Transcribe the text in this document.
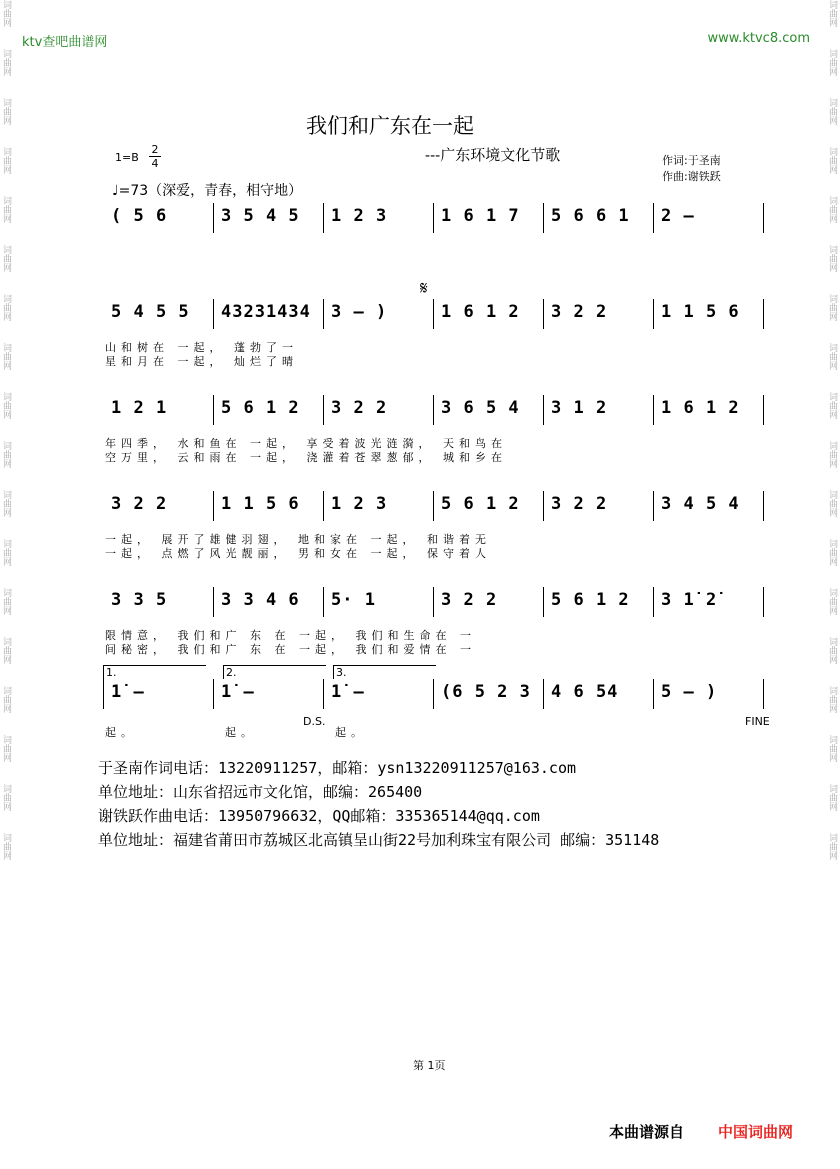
词曲网
词曲网
词曲网
词曲网
词曲网
词曲网
词曲网
词曲网
词曲网
词曲网
词曲网
词曲网
词曲网
词曲网
词曲网
词曲网
词曲网
词曲网
词曲网
词曲网
词曲网
词曲网
词曲网
词曲网
词曲网
词曲网
词曲网
词曲网
词曲网
词曲网
词曲网
词曲网
词曲网
词曲网
词曲网
词曲网
ktv查吧曲谱网	www.ktvc8.com
我们和广东在一起
---广东环境文化节歌
1=B
2
4
♩=73（深爱，青春，相守地）
作词:于圣南
作曲:谢铁跃
𝄋
( 5 6	3 5 4 5 1 2 3	1 6 1 7 5 6 6 1 2 –
5 4 5 5 43231434 3 – )	1 6 1 2 3 2 2	1 1 5 6
山和树在 一起， 蓬勃了一
星和月在 一起， 灿烂了晴
1 2 1	5 6 1 2 3 2 2	3 6 5 4 3 1 2	1 6 1 2
年四季， 水和鱼在 一起， 享受着波光涟漪， 天和鸟在
空万里， 云和雨在 一起， 浇灌着苍翠葱郁， 城和乡在
3 2 2	1 1 5 6 1 2 3	5 6 1 2 3 2 2	3 4 5 4
一起， 展开了雄健羽翅， 地和家在 一起， 和谐着无
一起， 点燃了风光靓丽， 男和女在 一起， 保守着人
3 3 5	3 3 4 6 5· 1	3 2 2	5 6 1 2 3 1̇ 2̇
限情意， 我们和广 东 在 一起， 我们和生命在 一
间秘密， 我们和广 东 在 一起， 我们和爱情在 一
1̇ –	1̇ –	1̇ –	(6 5 2 3 4 6 54	5 – )
1.	2.	3.
起。	起。	起。
D.S.	FINE
于圣南作词电话：13220911257，邮箱：ysn13220911257@163.com
单位地址：山东省招远市文化馆，邮编：265400
谢铁跃作曲电话：13950796632，QQ邮箱：335365144@qq.com
单位地址：福建省莆田市荔城区北高镇呈山街22号加利珠宝有限公司 邮编：351148
第 1页
本曲谱源自 中国词曲网
